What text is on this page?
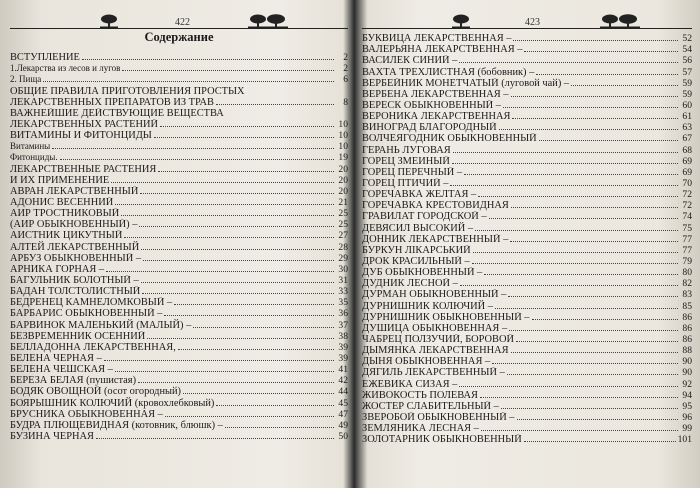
422
Содержание
ВСТУПЛЕНИЕ	2
1.Лекарства из лесов и лугов	2
2. Пища	6
ОБЩИЕ ПРАВИЛА ПРИГОТОВЛЕНИЯ ПРОСТЫХ
ЛЕКАРСТВЕННЫХ ПРЕПАРАТОВ ИЗ ТРАВ	8
ВАЖНЕЙШИЕ ДЕЙСТВУЮЩИЕ ВЕЩЕСТВА
ЛЕКАРСТВЕННЫХ РАСТЕНИЙ	10
ВИТАМИНЫ И ФИТОНЦИДЫ	10
Витамины	10
Фитонциды.	19
ЛЕКАРСТВЕННЫЕ РАСТЕНИЯ	20
И ИХ ПРИМЕНЕНИЕ	20
АВРАН ЛЕКАРСТВЕННЫЙ	20
АДОНИС ВЕСЕННИЙ	21
АИР ТРОСТНИКОВЫЙ	25
(АИР ОБЫКНОВЕННЫЙ) –	25
АИСТНИК ЦИКУТНЫЙ	27
АЛТЕЙ ЛЕКАРСТВЕННЫЙ	28
АРБУЗ ОБЫКНОВЕННЫЙ –	29
АРНИКА ГОРНАЯ –	30
БАГУЛЬНИК БОЛОТНЫЙ –	31
БАДАН ТОЛСТОЛИСТНЫЙ	33
БЕДРЕНЕЦ КАМНЕЛОМКОВЫЙ –	35
БАРБАРИС ОБЫКНОВЕННЫЙ –	36
БАРВИНОК МАЛЕНЬКИЙ (МАЛЫЙ) –	37
БЕЗВРЕМЕННИК ОСЕННИЙ	38
БЕЛЛАДОННА ЛЕКАРСТВЕННАЯ,	39
БЕЛЕНА ЧЕРНАЯ –	39
БЕЛЕНА ЧЕШСКАЯ –	41
БЕРЕЗА БЕЛАЯ (пушистая)	42
БОДЯК ОВОЩНОЙ (осот огородный)	44
БОЯРЫШНИК КОЛЮЧИЙ (кровохлебковый)	45
БРУСНИКА ОБЫКНОВЕННАЯ –	47
БУДРА ПЛЮЩЕВИДНАЯ (котовник, блюшк) –	49
БУЗИНА ЧЕРНАЯ	50
423
БУКВИЦА ЛЕКАРСТВЕННАЯ –	52
ВАЛЕРЬЯНА ЛЕКАРСТВЕННАЯ –	54
ВАСИЛЕК СИНИЙ –	56
ВАХТА ТРЕХЛИСТНАЯ (бобовник) –	57
ВЕРБЕЙНИК МОНЕТЧАТЫЙ (луговой чай) –	59
ВЕРБЕНА ЛЕКАРСТВЕННАЯ –	59
ВЕРЕСК ОБЫКНОВЕННЫЙ –	60
ВЕРОНИКА ЛЕКАРСТВЕННАЯ	61
ВИНОГРАД БЛАГОРОДНЫЙ	63
ВОЛЧЕЯГОДНИК ОБЫКНОВЕННЫЙ	67
ГЕРАНЬ ЛУГОВАЯ	68
ГОРЕЦ ЗМЕИНЫЙ	69
ГОРЕЦ ПЕРЕЧНЫЙ –	69
ГОРЕЦ ПТИЧИЙ –	70
ГОРЕЧАВКА ЖЕЛТАЯ –	72
ГОРЕЧАВКА КРЕСТОВИДНАЯ	72
ГРАВИЛАТ ГОРОДСКОЙ –	74
ДЕВЯСИЛ ВЫСОКИЙ –	75
ДОННИК ЛЕКАРСТВЕННЫЙ –	77
БУРКУН ЛІКАРСЬКИЙ	77
ДРОК КРАСИЛЬНЫЙ –	79
ДУБ ОБЫКНОВЕННЫЙ –	80
ДУДНИК ЛЕСНОЙ –	82
ДУРМАН ОБЫКНОВЕННЫЙ –	83
ДУРНИШНИК КОЛЮЧИЙ –	85
ДУРНИШНИК ОБЫКНОВЕННЫЙ –	86
ДУШИЦА ОБЫКНОВЕННАЯ –	86
ЧАБРЕЦ ПОЛЗУЧИЙ, БОРОВОЙ	86
ДЫМЯНКА ЛЕКАРСТВЕННАЯ	88
ДЫНЯ ОБЫКНОВЕННАЯ –	90
ДЯГИЛЬ ЛЕКАРСТВЕННЫЙ –	90
ЕЖЕВИКА СИЗАЯ –	92
ЖИВОКОСТЬ ПОЛЕВАЯ	94
ЖОСТЕР СЛАБИТЕЛЬНЫЙ –	95
ЗВЕРОБОЙ ОБЫКНОВЕННЫЙ –	96
ЗЕМЛЯНИКА ЛЕСНАЯ –	99
ЗОЛОТАРНИК ОБЫКНОВЕННЫЙ	101
